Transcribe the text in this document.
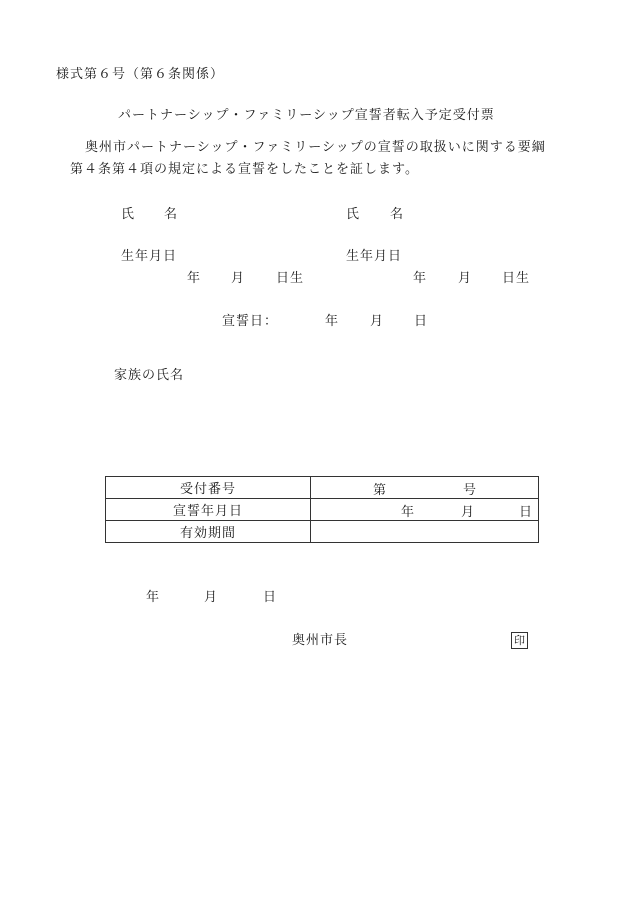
様式第６号（第６条関係）
パートナーシップ・ファミリーシップ宣誓者転入予定受付票
奥州市パートナーシップ・ファミリーシップの宣誓の取扱いに関する要綱
第４条第４項の規定による宣誓をしたことを証します。
氏 名
生年月日
年 月 日生
氏 名
生年月日
年 月 日生
宣誓日：	年 月 日
家族の氏名
受付番号	第 号

宣誓年月日	年 月 日

有効期間	
年	月	日
奥州市長	印
